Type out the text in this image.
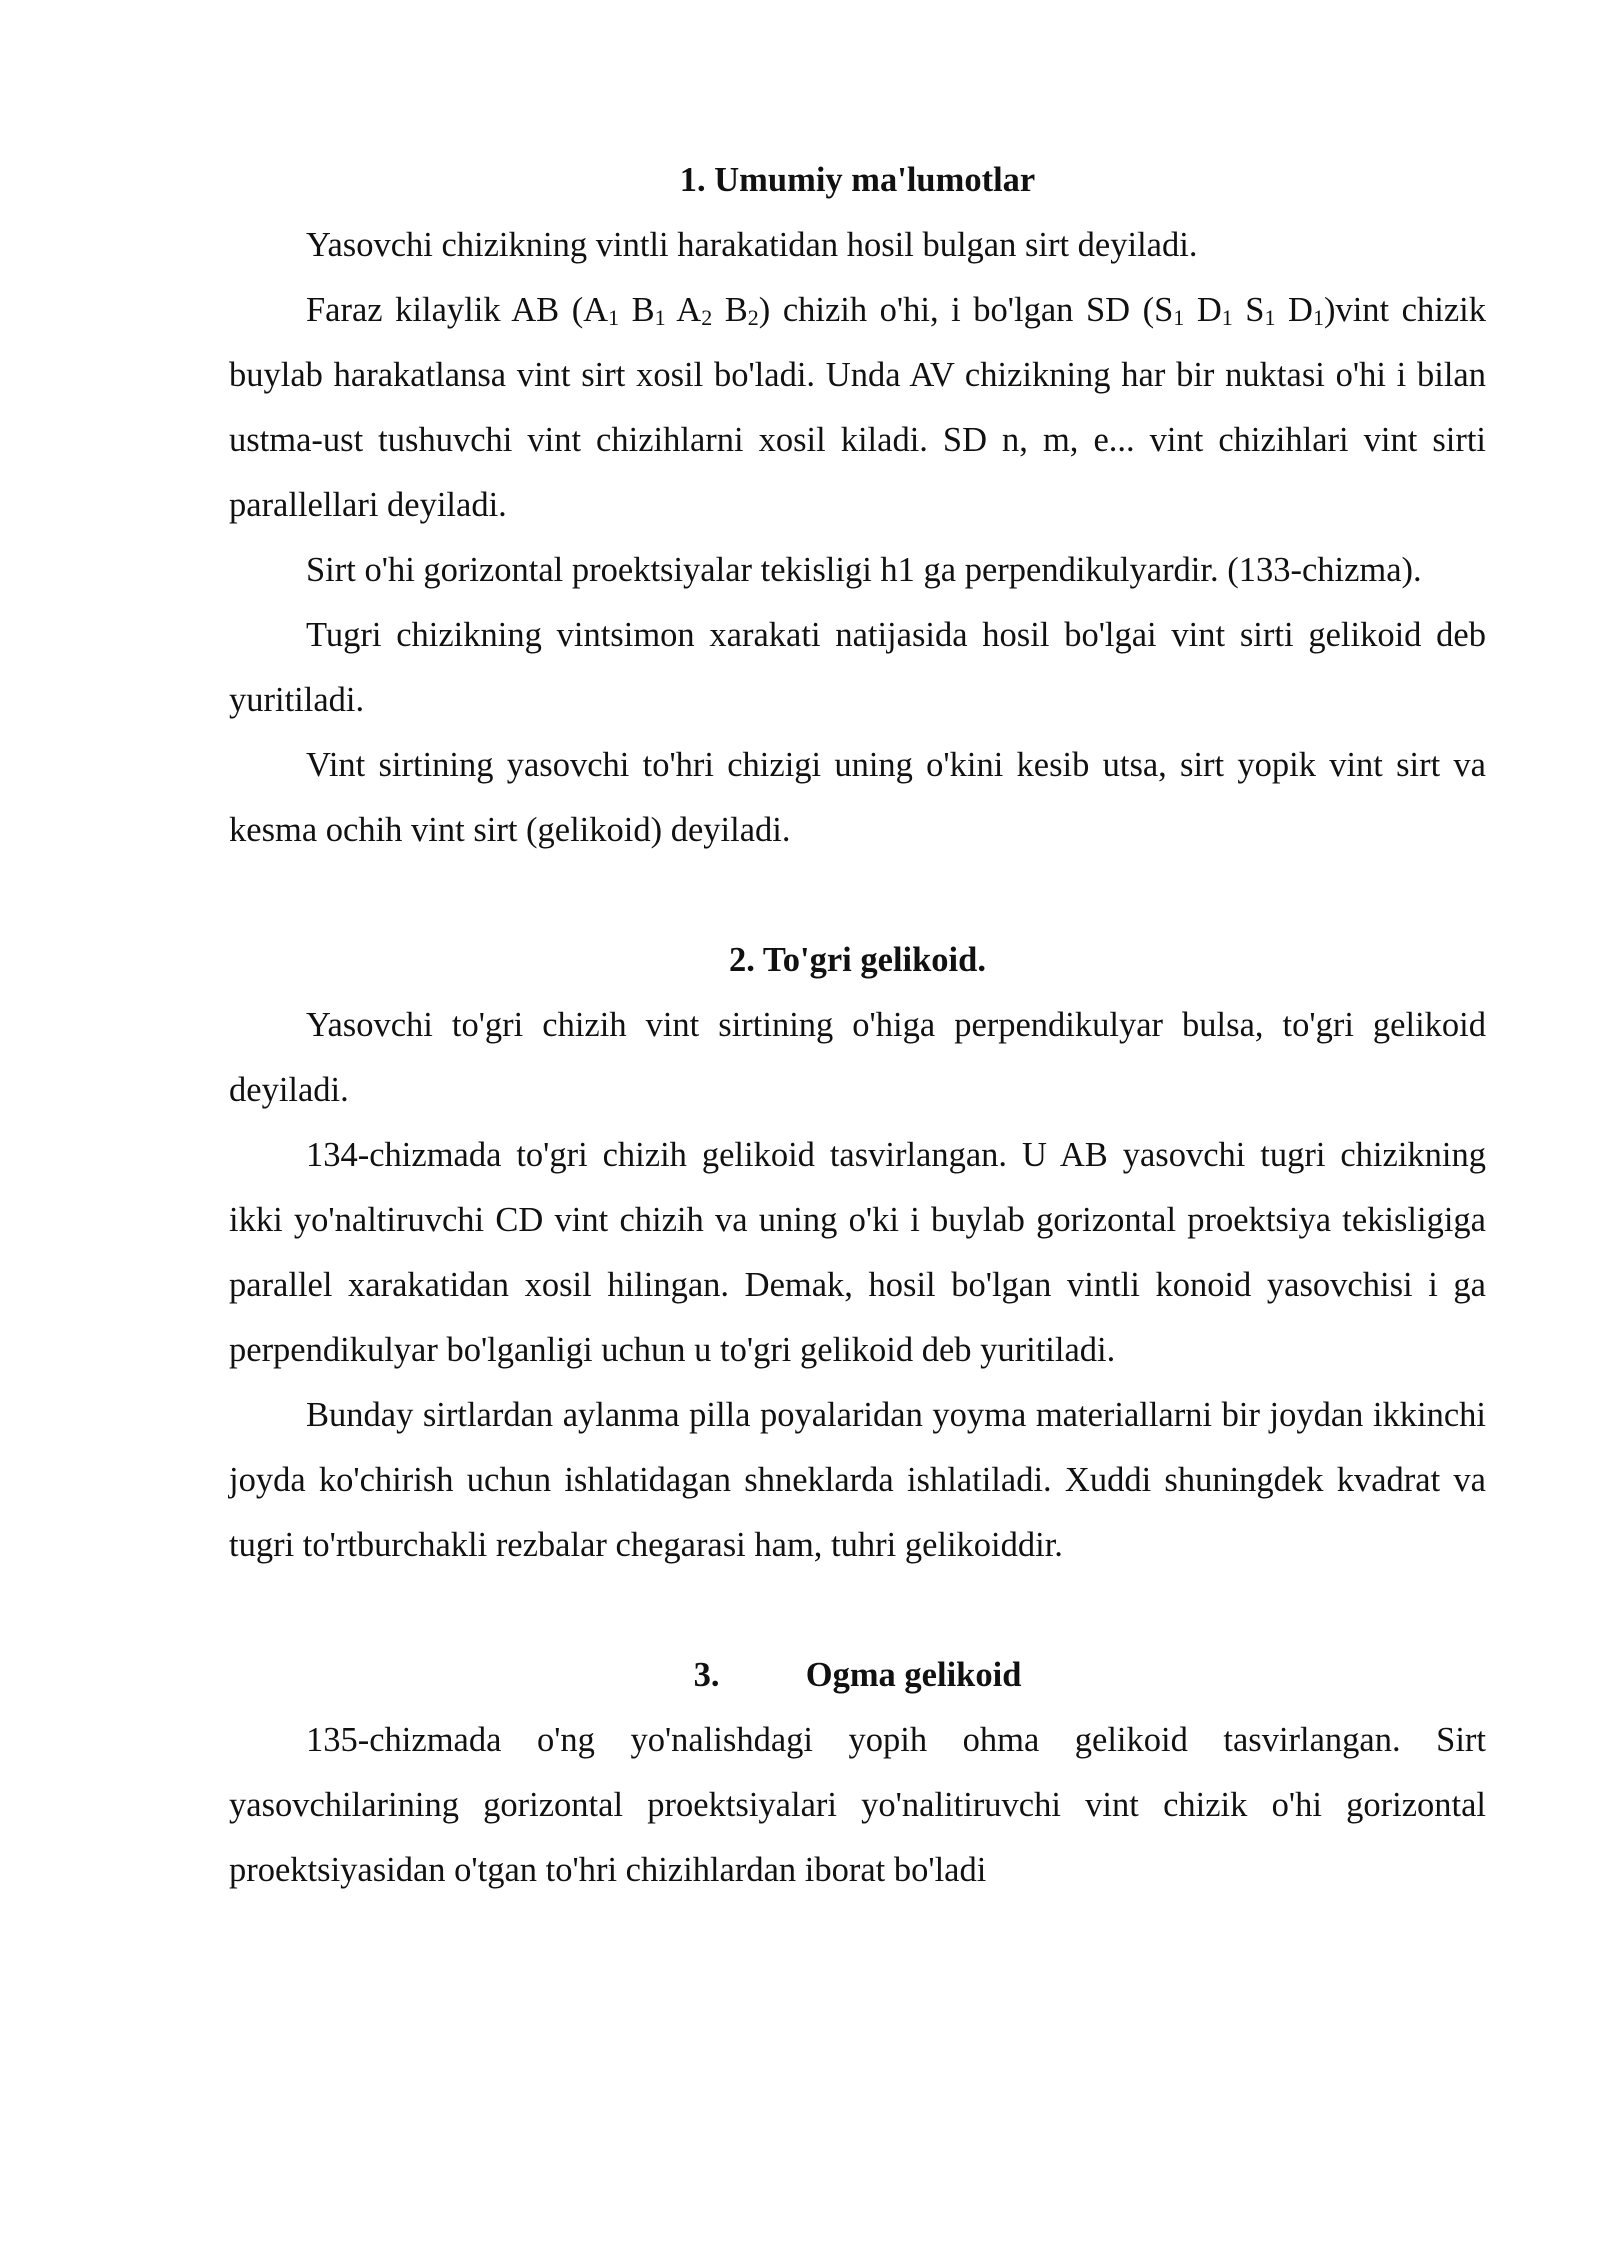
1. Umumiy ma'lumotlar

Yasovchi chizikning vintli harakatidan hosil bulgan sirt deyiladi.

Faraz kilaylik AB ($A_1$ $B_1$ $A_2$ $B_2$) chizih o'hi, i bo'lgan SD ($S_1$ $D_1$ $S_1$ $D_1)vint$ chizik buylab harakatlansa vint sirt xosil bo'ladi. Unda AV chizikning har bir nuktasi o'hi i bilan ustma-ust tushuvchi vint chizihlarni xosil kiladi. SD n, m, e... vint chizihlari vint sirti parallellari deyiladi.

Sirt o'hi gorizontal proektsiyalar tekisligi h1 ga perpendikulyardir. (133-chizma).

Tugri chizikning vintsimon xarakati natijasida hosil bo'lgai vint sirti gelikoid deb yuritiladi.

Vint sirtining yasovchi to'hri chizigi uning o'kini kesib utsa, sirt yopik vint sirt va kesma ochih vint sirt (gelikoid) deyiladi.

2. To'gri gelikoid.

Yasovchi to'gri chizih vint sirtining o'higa perpendikulyar bulsa, to'gri gelikoid deyiladi.

134-chizmada to'gri chizih gelikoid tasvirlangan. U AB yasovchi tugri chizikning ikki yo'naltiruvchi CD vint chizih va uning o'ki i buylab gorizontal proektsiya tekisligiga parallel xarakatidan xosil hilingan. Demak, hosil bo'lgan vintli konoid yasovchisi i ga perpendikulyar bo'lganligi uchun u to'gri gelikoid deb yuritiladi.

Bunday sirtlardan aylanma pilla poyalaridan yoyma materiallarni bir joydan ikkinchi joyda ko'chirish uchun ishlatidagan shneklarda ishlatiladi. Xuddi shuningdek kvadrat va tugri to'rtburchakli rezbalar chegarasi ham, tuhri gelikoiddir.

3.          Ogma gelikoid

135-chizmada o'ng yo'nalishdagi yopih ohma gelikoid tasvirlangan. Sirt yasovchilarining gorizontal proektsiyalari yo'nalitiruvchi vint chizik o'hi gorizontal proektsiyasidan o'tgan to'hri chizihlardan iborat bo'ladi
